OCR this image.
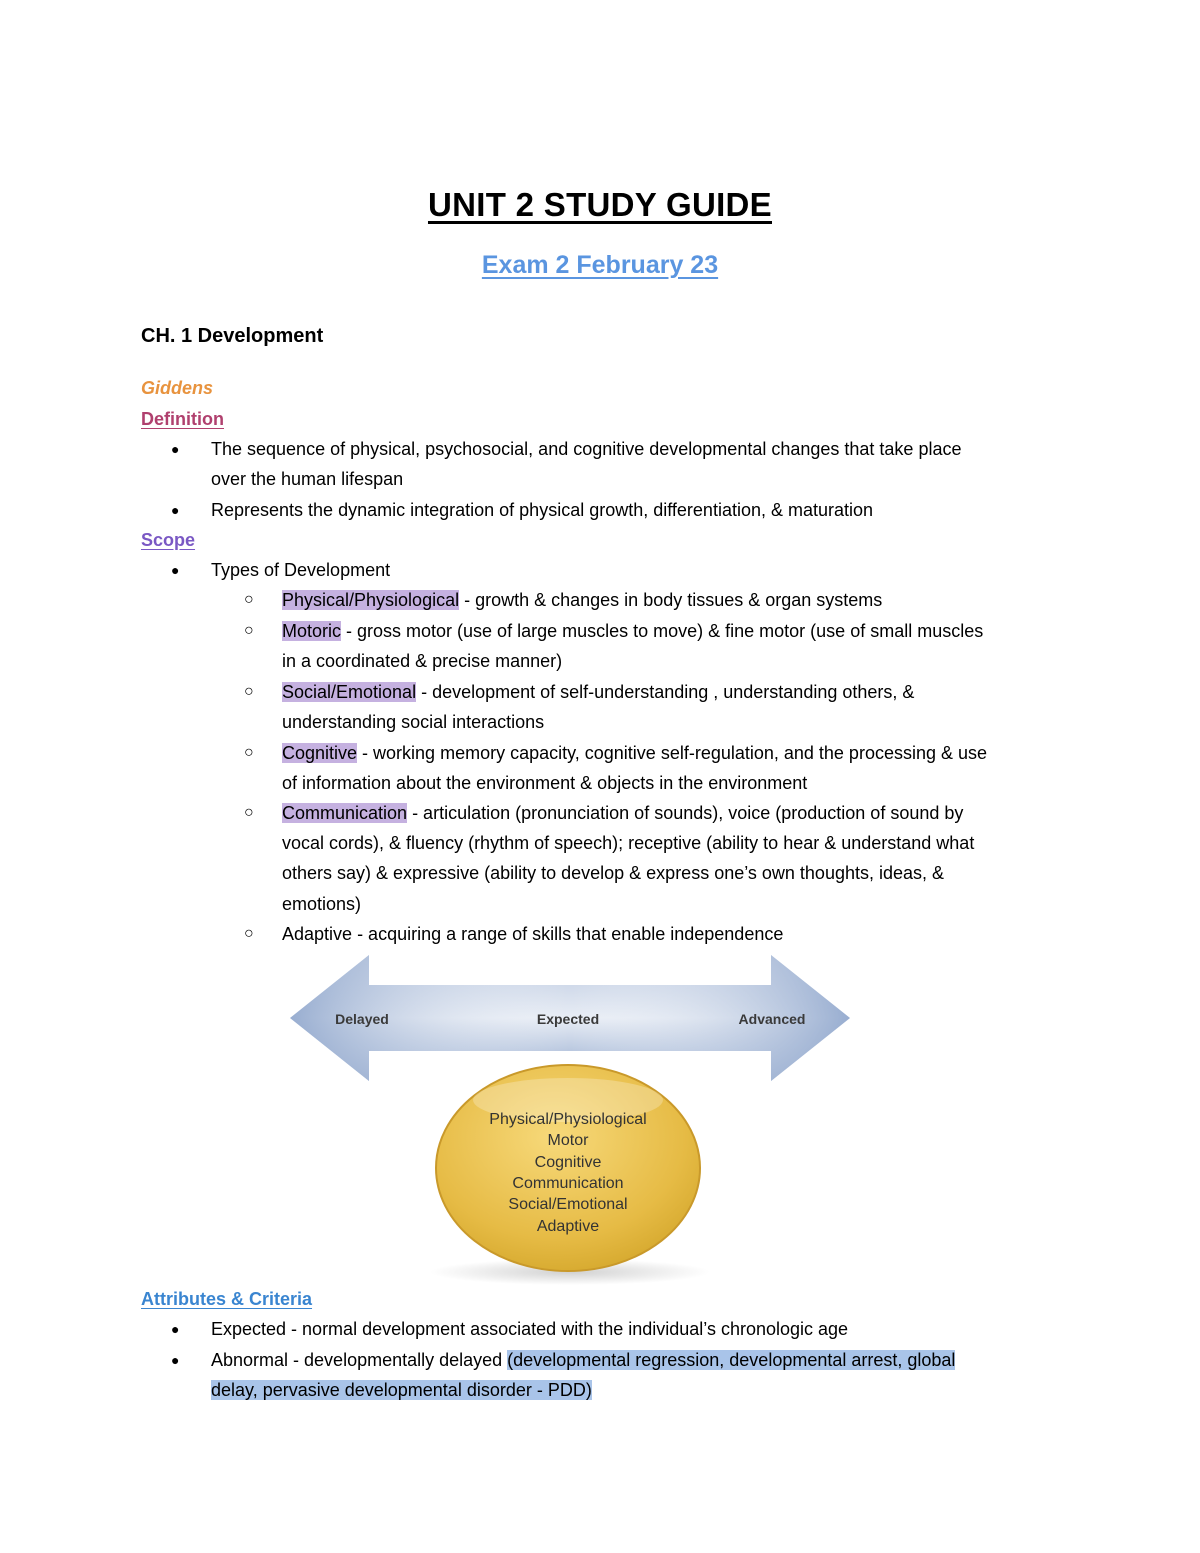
UNIT 2 STUDY GUIDE
Exam 2 February 23
CH. 1 Development
Giddens
Definition
● The sequence of physical, psychosocial, and cognitive developmental changes that take place
over the human lifespan
● Represents the dynamic integration of physical growth, differentiation, & maturation
Scope
● Types of Development
○ Physical/Physiological - growth & changes in body tissues & organ systems
○ Motoric - gross motor (use of large muscles to move) & fine motor (use of small muscles
in a coordinated & precise manner)
○ Social/Emotional - development of self-understanding , understanding others, &
understanding social interactions
○ Cognitive - working memory capacity, cognitive self-regulation, and the processing & use
of information about the environment & objects in the environment
○ Communication - articulation (pronunciation of sounds), voice (production of sound by
vocal cords), & fluency (rhythm of speech); receptive (ability to hear & understand what
others say) & expressive (ability to develop & express one’s own thoughts, ideas, &
emotions)
○ Adaptive - acquiring a range of skills that enable independence
Delayed	Expected	Advanced
Physical/Physiological
Motor
Cognitive
Communication
Social/Emotional
Adaptive
Attributes & Criteria
● Expected - normal development associated with the individual’s chronologic age
● Abnormal - developmentally delayed (developmental regression, developmental arrest, global
delay, pervasive developmental disorder - PDD)
